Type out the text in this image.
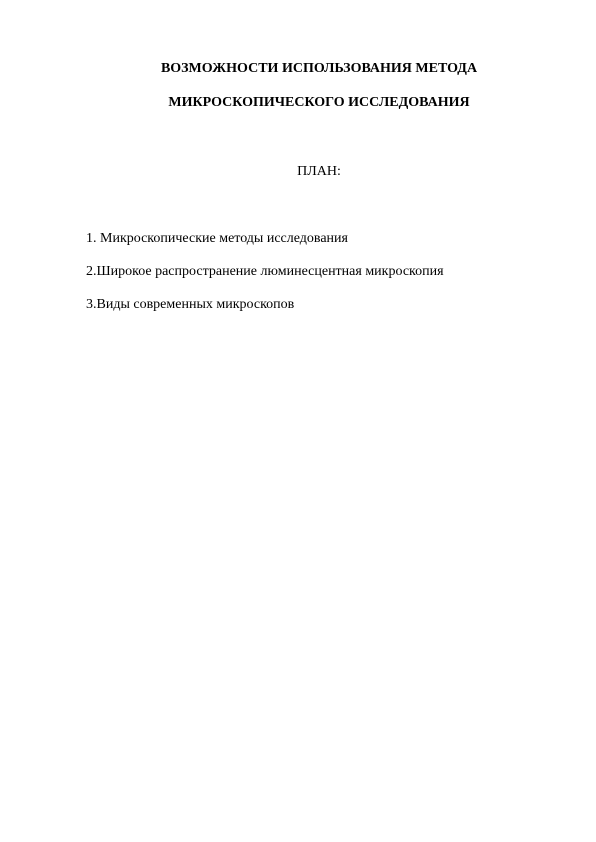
ВОЗМОЖНОСТИ ИСПОЛЬЗОВАНИЯ МЕТОДА
МИКРОСКОПИЧЕСКОГО ИССЛЕДОВАНИЯ
ПЛАН:
1. Микроскопические методы исследования
2.Широкое распространение люминесцентная микроскопия
3.Виды современных микроскопов
